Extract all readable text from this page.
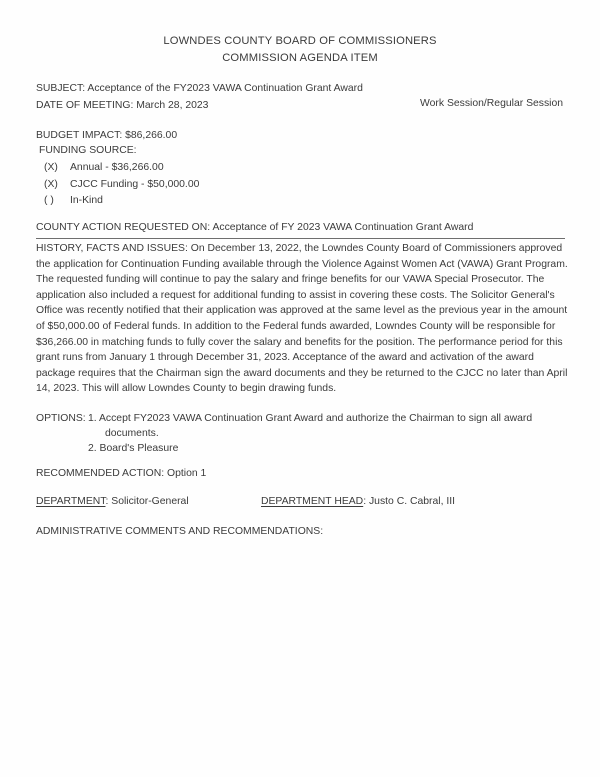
LOWNDES COUNTY BOARD OF COMMISSIONERS
COMMISSION AGENDA ITEM
SUBJECT: Acceptance of the FY2023 VAWA Continuation Grant Award
DATE OF MEETING: March 28, 2023	Work Session/Regular Session
BUDGET IMPACT: $86,266.00
FUNDING SOURCE:
(X)	Annual - $36,266.00
(X)	CJCC Funding - $50,000.00
( )	In-Kind
COUNTY ACTION REQUESTED ON: Acceptance of FY 2023 VAWA Continuation Grant Award
HISTORY, FACTS AND ISSUES: On December 13, 2022, the Lowndes County Board of Commissioners approved the application for Continuation Funding available through the Violence Against Women Act (VAWA) Grant Program. The requested funding will continue to pay the salary and fringe benefits for our VAWA Special Prosecutor. The application also included a request for additional funding to assist in covering these costs. The Solicitor General's Office was recently notified that their application was approved at the same level as the previous year in the amount of $50,000.00 of Federal funds. In addition to the Federal funds awarded, Lowndes County will be responsible for $36,266.00 in matching funds to fully cover the salary and benefits for the position. The performance period for this grant runs from January 1 through December 31, 2023. Acceptance of the award and activation of the award package requires that the Chairman sign the award documents and they be returned to the CJCC no later than April 14, 2023. This will allow Lowndes County to begin drawing funds.
OPTIONS: 1. Accept FY2023 VAWA Continuation Grant Award and authorize the Chairman to sign all award
documents.
2. Board's Pleasure
RECOMMENDED ACTION: Option 1
DEPARTMENT: Solicitor-General	DEPARTMENT HEAD: Justo C. Cabral, III
ADMINISTRATIVE COMMENTS AND RECOMMENDATIONS:
